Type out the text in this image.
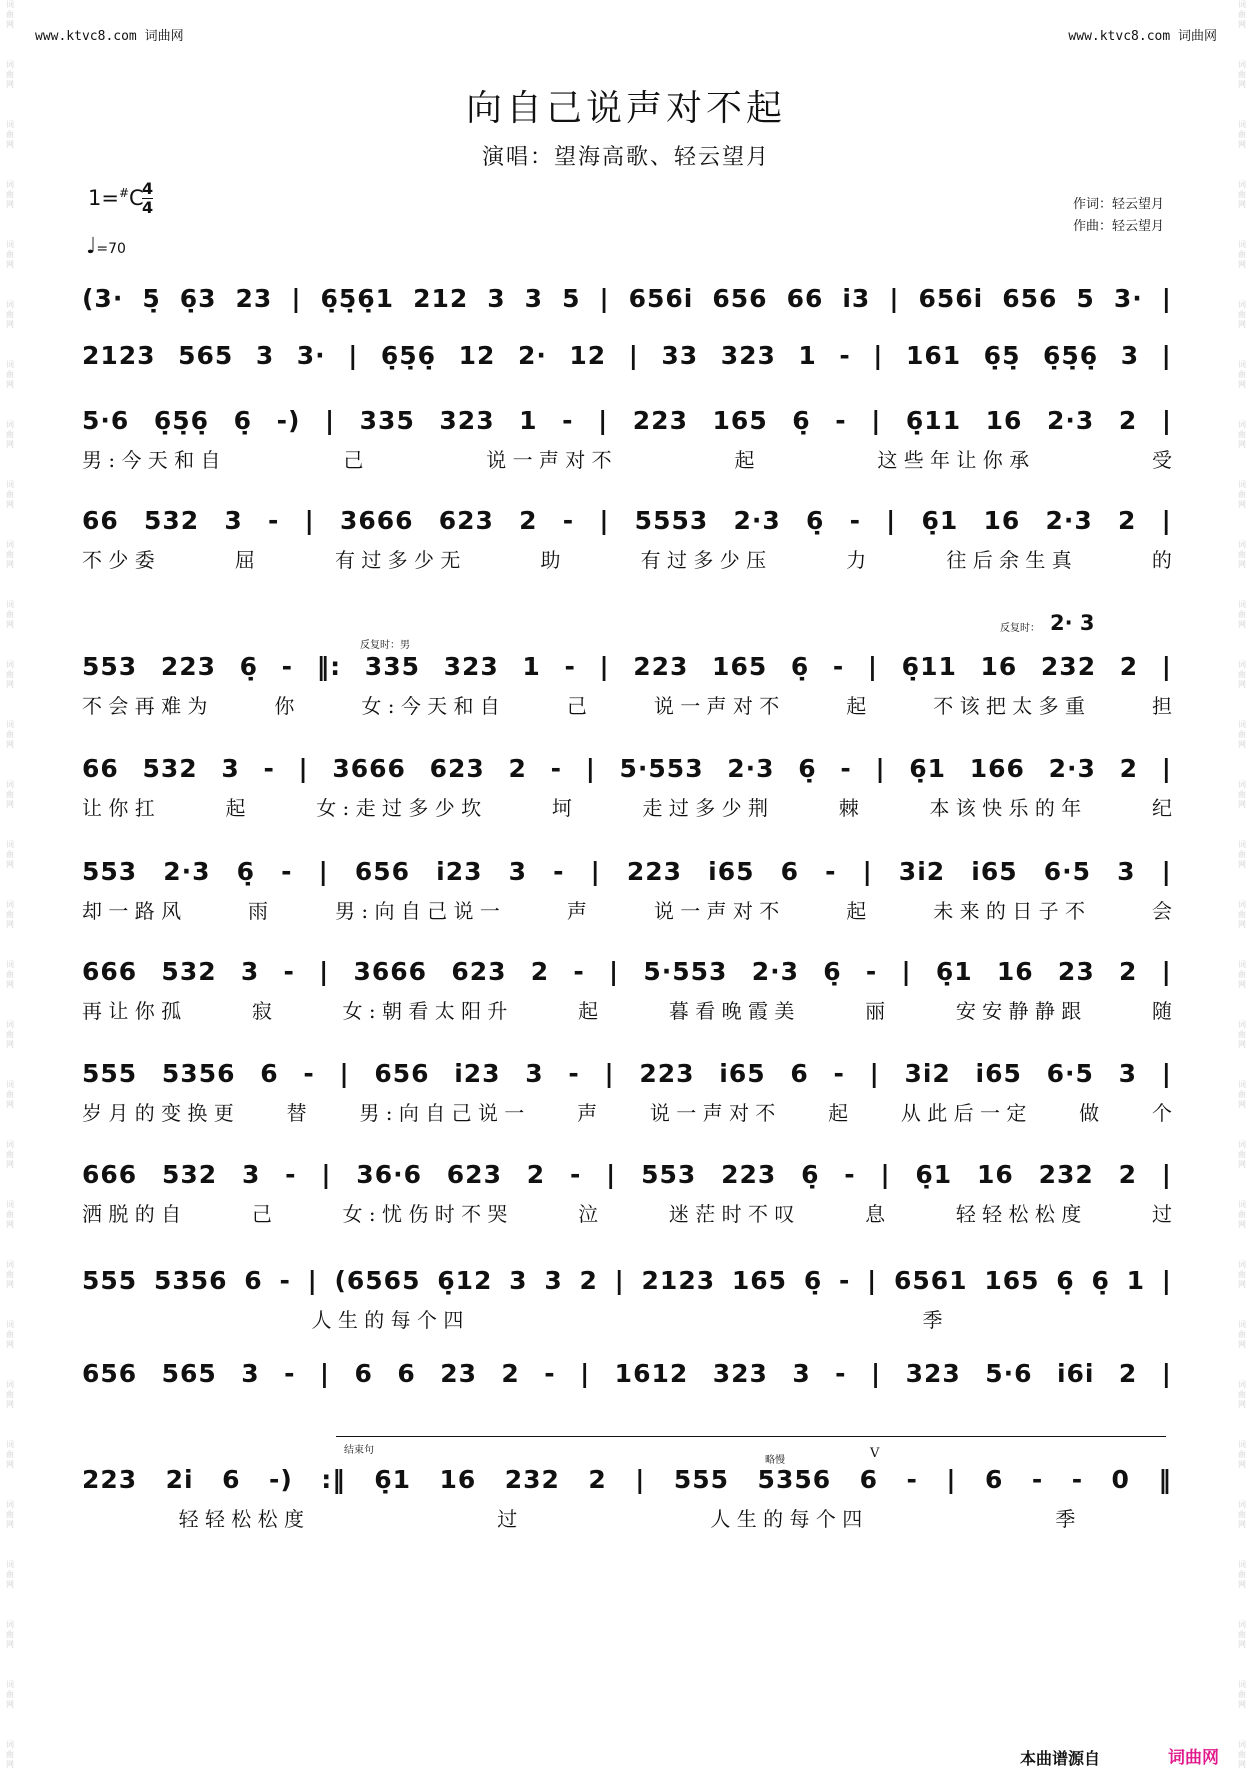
词
曲
网
词
曲
网
词
曲
网
词
曲
网
词
曲
网
词
曲
网
词
曲
网
词
曲
网
词
曲
网
词
曲
网
词
曲
网
词
曲
网
词
曲
网
词
曲
网
词
曲
网
词
曲
网
词
曲
网
词
曲
网
词
曲
网
词
曲
网
词
曲
网
词
曲
网
词
曲
网
词
曲
网
词
曲
网
词
曲
网
词
曲
网
词
曲
网
词
曲
网
词
曲
网
词
曲
网
词
曲
网
词
曲
网
词
曲
网
词
曲
网
词
曲
网
词
曲
网
词
曲
网
词
曲
网
词
曲
网
词
曲
网
词
曲
网
词
曲
网
词
曲
网
词
曲
网
词
曲
网
词
曲
网
词
曲
网
词
曲
网
词
曲
网
词
曲
网
词
曲
网
词
曲
网
词
曲
网
词
曲
网
词
曲
网
词
曲
网
词
曲
网
词
曲
网
词
曲
网
www.ktvc8.com 词曲网	www.ktvc8.com 词曲网
向自己说声对不起
演唱：望海高歌、轻云望月
1=#C
4
4
♩=70
作词：轻云望月
作曲：轻云望月
反复时：男
反复时： 2· 3
结束句
略慢	V
(3· 5̣ 6̣3 23 | 6̣5̣6̣1 212 3 3 5 | 656i 656 66 i3 | 656i 656 5 3· |
2123 565 3 3· | 6̣5̣6̣ 12 2· 12 | 33 323 1 - | 161 6̣5̣ 6̣5̣6̣ 3 |
5·6 6̣5̣6̣ 6̣ -) | 335 323 1 - | 223 165 6̣ - | 6̣11 16 2·3 2 |
男 : 今 天 和 自	己	说 一 声 对 不	起	这 些 年 让 你 承	受
66 532 3 - | 3666 623 2 - | 5553 2·3 6̣ - | 6̣1 16 2·3 2 |
不 少 委	屈	有 过 多 少 无	助	有 过 多 少 压	力	往 后 余 生 真	的
553 223 6̣ - ‖: 335 323 1 - | 223 165 6̣ - | 6̣11 16 232 2 |
不 会 再 难 为	你	女 : 今 天 和 自	己	说 一 声 对 不	起	不 该 把 太 多 重	担
66 532 3 - | 3666 623 2 - | 5·553 2·3 6̣ - | 6̣1 166 2·3 2 |
让 你 扛	起	女 : 走 过 多 少 坎	坷	走 过 多 少 荆	棘	本 该 快 乐 的 年	纪
553 2·3 6̣ - | 656 i23 3 - | 223 i65 6 - | 3i2 i65 6·5 3 |
却 一 路 风	雨	男 : 向 自 己 说 一	声	说 一 声 对 不	起	未 来 的 日 子 不	会
666 532 3 - | 3666 623 2 - | 5·553 2·3 6̣ - | 6̣1 16 23 2 |
再 让 你 孤	寂	女 : 朝 看 太 阳 升	起	暮 看 晚 霞 美	丽	安 安 静 静 跟	随
555 5356 6 - | 656 i23 3 - | 223 i65 6 - | 3i2 i65 6·5 3 |
岁 月 的 变 换 更	替	男 : 向 自 己 说 一	声	说 一 声 对 不	起	从 此 后 一 定	做	个
666 532 3 - | 36·6 623 2 - | 553 223 6̣ - | 6̣1 16 232 2 |
洒 脱 的 自	己	女 : 忧 伤 时 不 哭	泣	迷 茫 时 不 叹	息	轻 轻 松 松 度	过
555 5356 6 - | (6565 6̣12 3 3 2 | 2123 165 6̣ - | 6561 165 6̣ 6̣ 1 |
人 生 的 每 个 四	季
656 565 3 - | 6 6 23 2 - | 1612 323 3 - | 323 5·6 i6i 2 |
223 2i 6 -) :‖ 6̣1 16 232 2 | 555 5356 6 - | 6 - - 0 ‖
轻 轻 松 松 度	过	人 生 的 每 个 四	季
本曲谱源自	词曲网
